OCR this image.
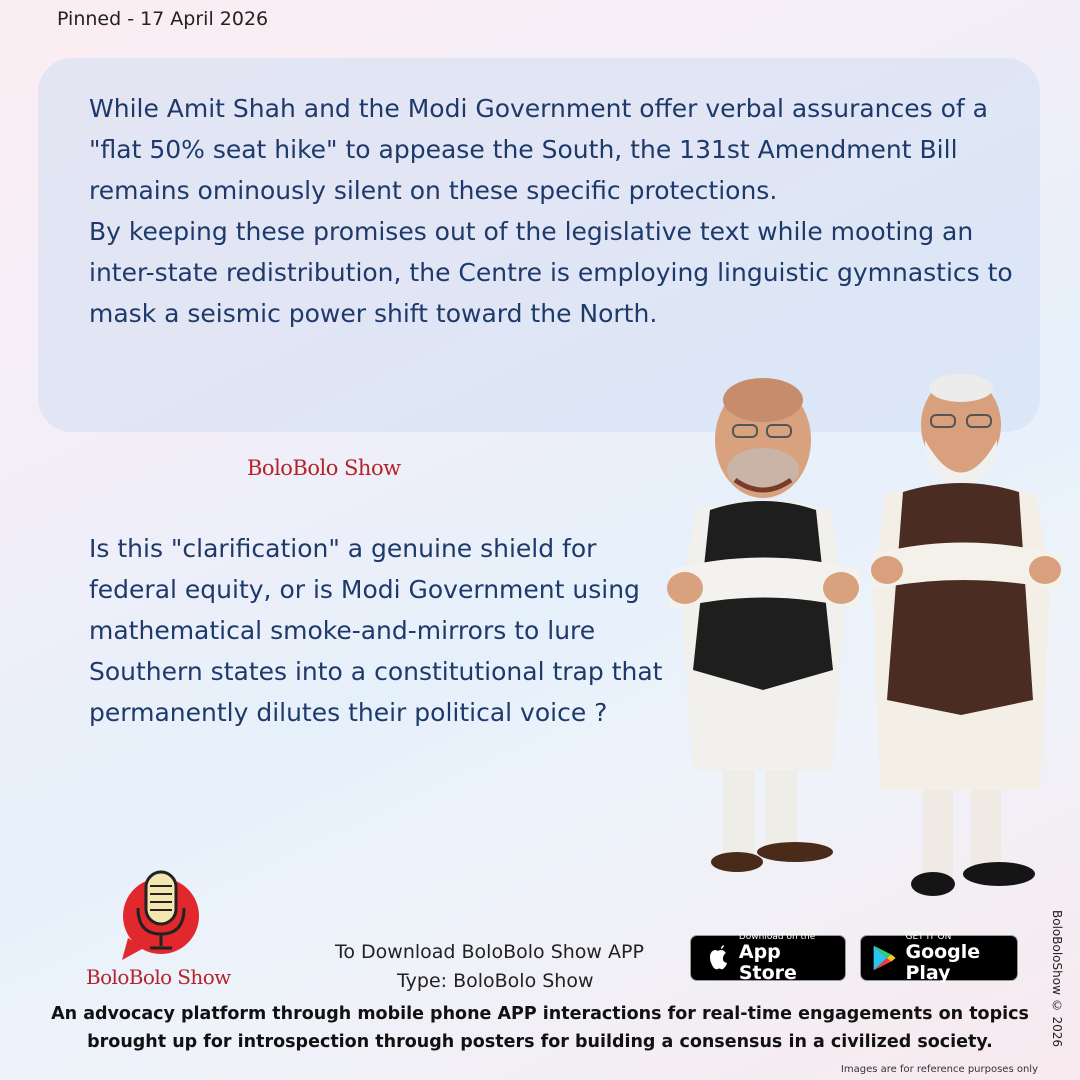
Pinned - 17 April 2026

While Amit Shah and the Modi Government offer verbal assurances of a "flat 50% seat hike" to appease the South, the 131st Amendment Bill remains ominously silent on these specific protections.

By keeping these promises out of the legislative text while mooting an inter-state redistribution, the Centre is employing linguistic gymnastics to mask a seismic power shift toward the North.

BoloBolo Show
Is this "clarification" a genuine shield for federal equity, or is Modi Government using mathematical smoke-and-mirrors to lure Southern states into a constitutional trap that permanently dilutes their political voice ?
BoloBolo Show
To Download BoloBolo Show APP
Type: BoloBolo Show
Download on the
App Store
GET IT ON
Google Play
An advocacy platform through mobile phone APP interactions for real-time engagements on topics brought up for introspection through posters for building a consensus in a civilized society.	BoloBoloShow © 2026
Images are for reference purposes only
